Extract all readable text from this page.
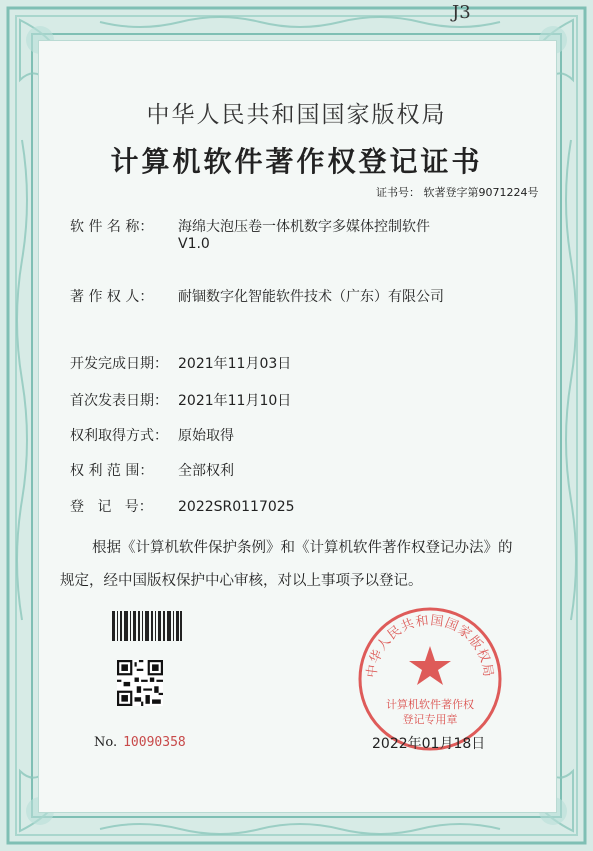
J3
中华人民共和国国家版权局
计算机软件著作权登记证书
证书号： 软著登字第9071224号
软 件 名 称： 海绵大泡压卷一体机数字多媒体控制软件
V1.0
著 作 权 人： 耐锢数字化智能软件技术（广东）有限公司
开发完成日期： 2021年11月03日
首次发表日期： 2021年11月10日
权利取得方式： 原始取得
权 利 范 围： 全部权利
登   记   号： 2022SR0117025
根据《计算机软件保护条例》和《计算机软件著作权登记办法》的
规定，经中国版权保护中心审核，对以上事项予以登记。
No. 10090358
中华人民共和国国家版权局
计算机软件著作权
登记专用章
2022年01月18日
